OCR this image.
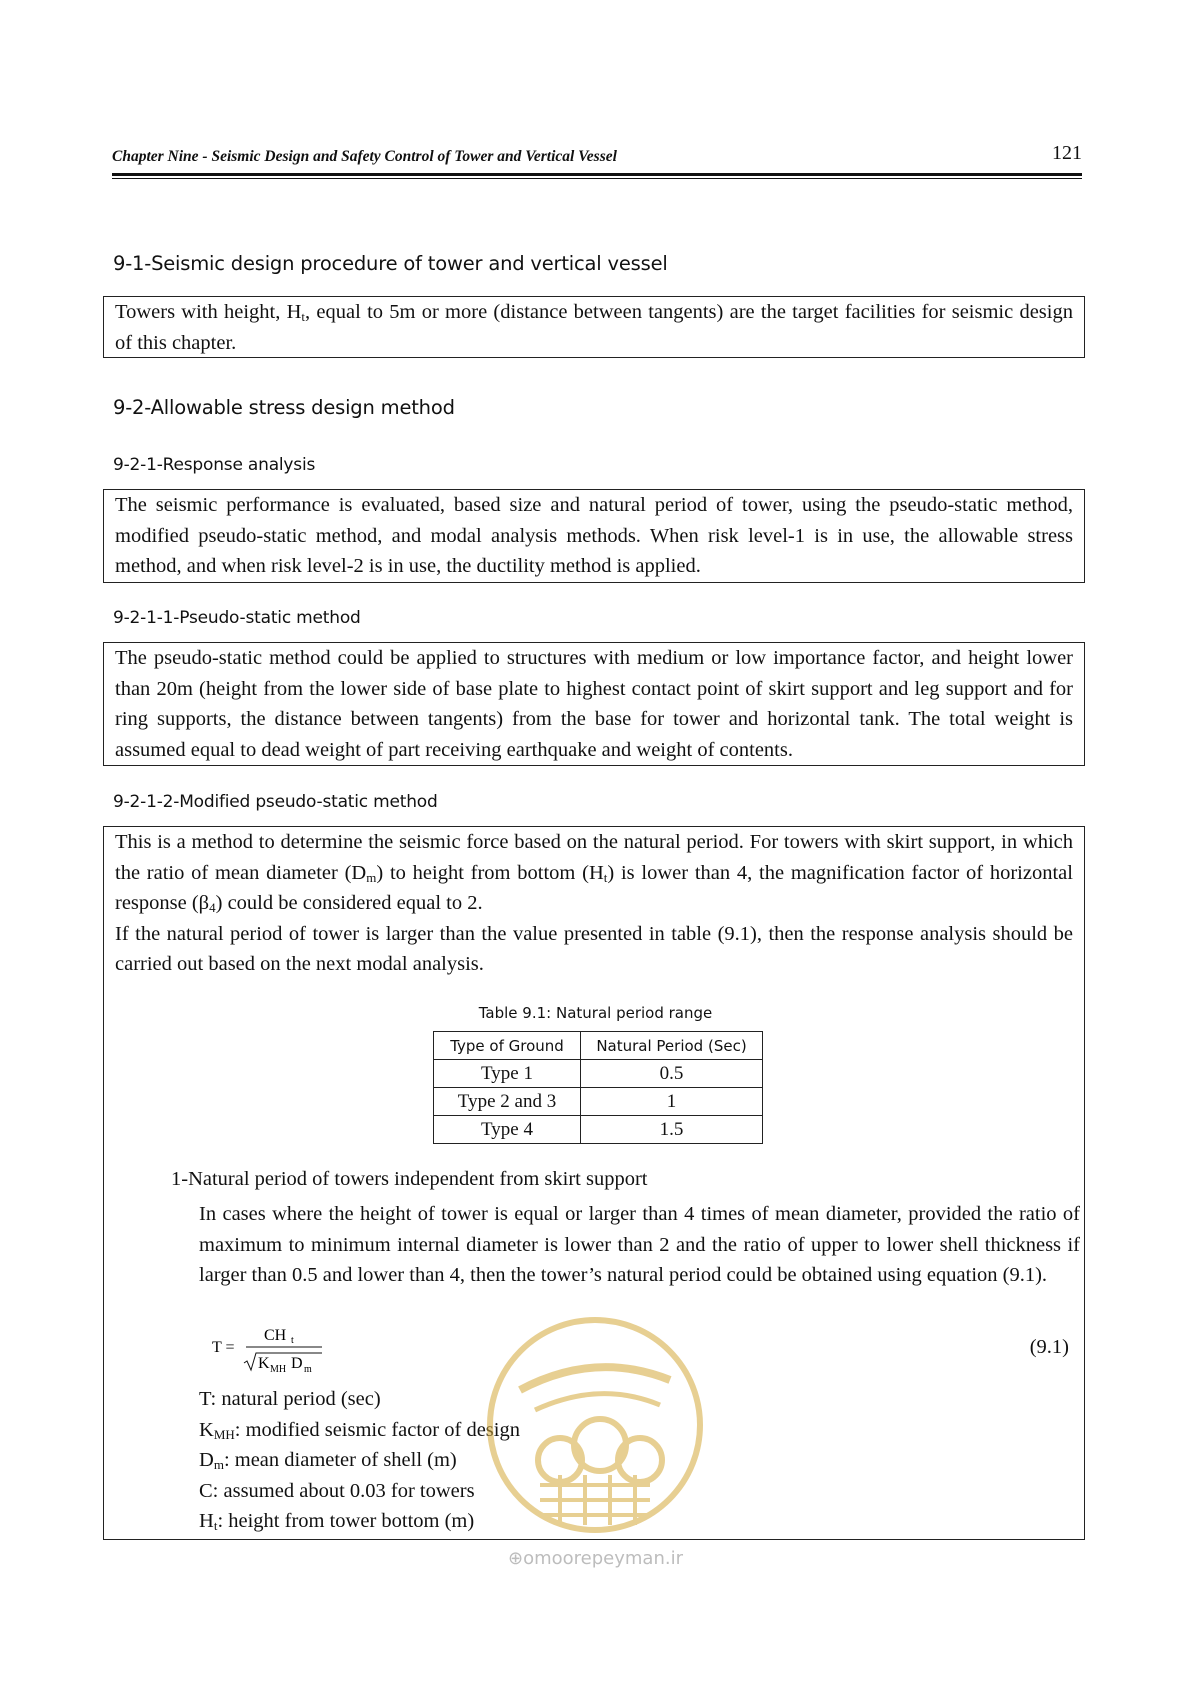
Chapter Nine - Seismic Design and Safety Control of Tower and Vertical Vessel	121
9-1-Seismic design procedure of tower and vertical vessel

Towers with height, $H_t$, equal to 5m or more (distance between tangents) are the target facilities for seismic design of this chapter.

9-2-Allowable stress design method
9-2-1-Response analysis

The seismic performance is evaluated, based size and natural period of tower, using the pseudo-static method, modified pseudo-static method, and modal analysis methods. When risk level-1 is in use, the allowable stress method, and when risk level-2 is in use, the ductility method is applied.

9-2-1-1-Pseudo-static method

The pseudo-static method could be applied to structures with medium or low importance factor, and height lower than 20m (height from the lower side of base plate to highest contact point of skirt support and leg support and for ring supports, the distance between tangents) from the base for tower and horizontal tank. The total weight is assumed equal to dead weight of part receiving earthquake and weight of contents.

9-2-1-2-Modified pseudo-static method

This is a method to determine the seismic force based on the natural period. For towers with skirt support, in which the ratio of mean diameter $(D_m)$ to height from bottom $(H_t)$ is lower than 4, the magnification factor of horizontal response $(\beta_4)$ could be considered equal to 2.

If the natural period of tower is larger than the value presented in table (9.1), then the response analysis should be carried out based on the next modal analysis.

Table 9.1: Natural period range
Type of Ground	Natural Period (Sec)
Type 1	0.5
Type 2 and 3	1
Type 4	1.5
1-Natural period of towers independent from skirt support

In cases where the height of tower is equal or larger than 4 times of mean diameter, provided the ratio of maximum to minimum internal diameter is lower than 2 and the ratio of upper to lower shell thickness if larger than 0.5 and lower than 4, then the tower’s natural period could be obtained using equation (9.1).

T =
CH t
K MH D m
(9.1)
T: natural period (sec)
$K_{MH}$: modified seismic factor of design
$D_m$: mean diameter of shell (m)
C: assumed about 0.03 for towers
$H_t$: height from tower bottom (m)
⊕omoorepeyman.ir
